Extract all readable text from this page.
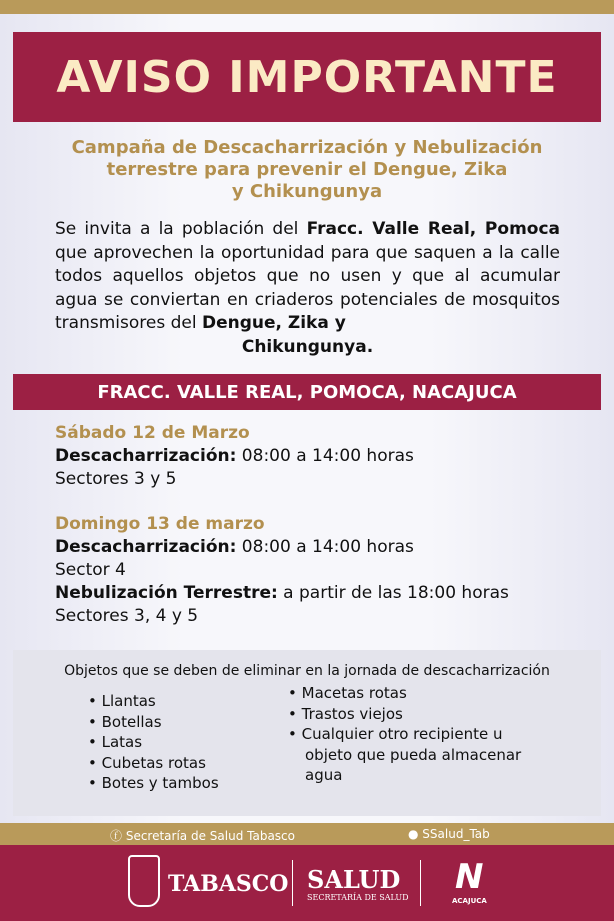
AVISO IMPORTANTE
Campaña de Descacharrización y Nebulización
terrestre para prevenir el Dengue, Zika
y Chikungunya
Se invita a la población del Fracc. Valle Real, Pomoca que aprovechen la oportunidad para que saquen a la calle todos aquellos objetos que no usen y que al acumular agua se conviertan en criaderos potenciales de mosquitos transmisores del Dengue, Zika y
Chikungunya.
FRACC. VALLE REAL, POMOCA, NACAJUCA
Sábado 12 de Marzo
Descacharrización: 08:00 a 14:00 horas
Sectores 3 y 5
Domingo 13 de marzo
Descacharrización: 08:00 a 14:00 horas
Sector 4
Nebulización Terrestre: a partir de las 18:00 horas
Sectores 3, 4 y 5
Objetos que se deben de eliminar en la jornada de descacharrización
• Llantas
• Botellas
• Latas
• Cubetas rotas
• Botes y tambos
• Macetas rotas
• Trastos viejos
• Cualquier otro recipiente u
objeto que pueda almacenar
agua
ⓕ Secretaría de Salud Tabasco	● SSalud_Tab
TABASCO SALUD
SECRETARÍA DE SALUD
N
ACAJUCA
